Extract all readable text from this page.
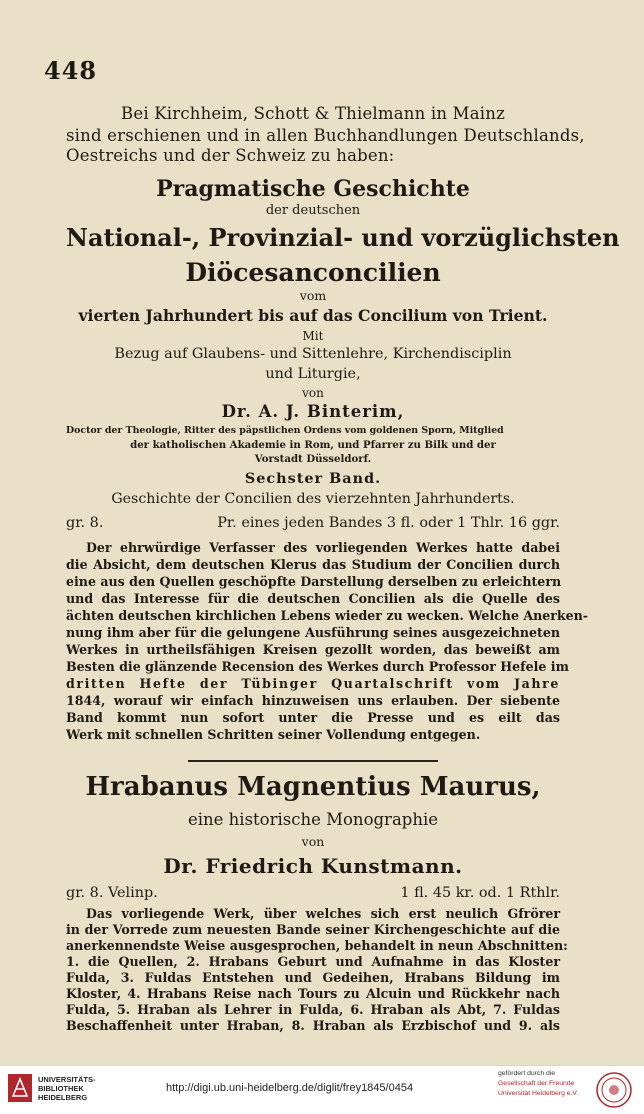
448
Bei Kirchheim, Schott & Thielmann in Mainz
sind erschienen und in allen Buchhandlungen Deutschlands,
Oestreichs und der Schweiz zu haben:
Pragmatische Geschichte
der deutschen
National-, Provinzial- und vorzüglichsten
Diöcesanconcilien
vom
vierten Jahrhundert bis auf das Concilium von Trient.
Mit
Bezug auf Glaubens- und Sittenlehre, Kirchendisciplin
und Liturgie,
von
Dr. A. J. Binterim,
Doctor der Theologie, Ritter des päpstlichen Ordens vom goldenen Sporn, Mitglied
der katholischen Akademie in Rom, und Pfarrer zu Bilk und der
Vorstadt Düsseldorf.
Sechster Band.
Geschichte der Concilien des vierzehnten Jahrhunderts.
gr. 8.	Pr. eines jeden Bandes 3 fl. oder 1 Thlr. 16 ggr.
Der ehrwürdige Verfasser des vorliegenden Werkes hatte dabei
die Absicht, dem deutschen Klerus das Studium der Concilien durch
eine aus den Quellen geschöpfte Darstellung derselben zu erleichtern
und das Interesse für die deutschen Concilien als die Quelle des
ächten deutschen kirchlichen Lebens wieder zu wecken. Welche Anerken-
nung ihm aber für die gelungene Ausführung seines ausgezeichneten
Werkes in urtheilsfähigen Kreisen gezollt worden, das beweißt am
Besten die glänzende Recension des Werkes durch Professor Hefele im
dritten Hefte der Tübinger Quartalschrift vom Jahre
1844, worauf wir einfach hinzuweisen uns erlauben. Der siebente
Band kommt nun sofort unter die Presse und es eilt das
Werk mit schnellen Schritten seiner Vollendung entgegen.
Hrabanus Magnentius Maurus,
eine historische Monographie
von
Dr. Friedrich Kunstmann.
gr. 8. Velinp.	1 fl. 45 kr. od. 1 Rthlr.
Das vorliegende Werk, über welches sich erst neulich Gfrörer
in der Vorrede zum neuesten Bande seiner Kirchengeschichte auf die
anerkennendste Weise ausgesprochen, behandelt in neun Abschnitten:
1. die Quellen, 2. Hrabans Geburt und Aufnahme in das Kloster
Fulda, 3. Fuldas Entstehen und Gedeihen, Hrabans Bildung im
Kloster, 4. Hrabans Reise nach Tours zu Alcuin und Rückkehr nach
Fulda, 5. Hraban als Lehrer in Fulda, 6. Hraban als Abt, 7. Fuldas
Beschaffenheit unter Hraban, 8. Hraban als Erzbischof und 9. als
UNIVERSITÄTS-
BIBLIOTHEK
HEIDELBERG
http://digi.ub.uni-heidelberg.de/diglit/frey1845/0454
gefördert durch die
Gesellschaft der Freunde
Universität Heidelberg e.V.
